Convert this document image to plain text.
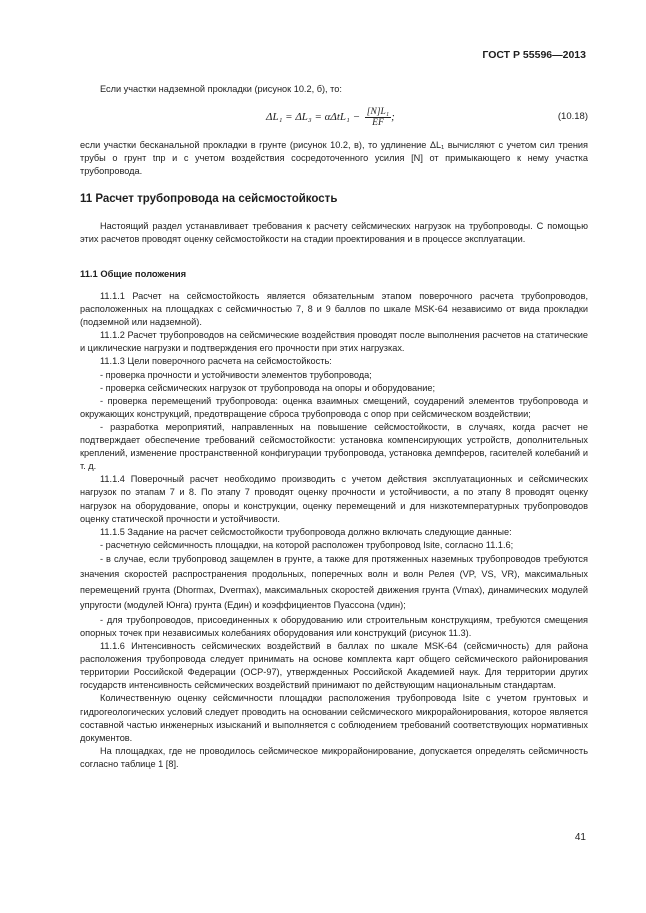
ГОСТ Р 55596—2013

Если участки надземной прокладки (рисунок 10.2, б), то:

$\Delta L_1 = \Delta L_3 = \alpha\Delta tL_1 - \frac{\text{[N]L₁}}{EF}$ ;	(10.18)

если участки бесканальной прокладки в грунте (рисунок 10.2, в), то удлинение ΔL₁ вычисляют с учетом сил трения трубы о грунт tпр и с учетом воздействия сосредоточенного усилия [N] от примыкающего к нему участка трубопровода.

11 Расчет трубопровода на сейсмостойкость

Настоящий раздел устанавливает требования к расчету сейсмических нагрузок на трубопроводы. С помощью этих расчетов проводят оценку сейсмостойкости на стадии проектирования и в процессе эксплуатации.

11.1 Общие положения

11.1.1 Расчет на сейсмостойкость является обязательным этапом поверочного расчета трубопроводов, расположенных на площадках с сейсмичностью 7, 8 и 9 баллов по шкале MSK-64 независимо от вида прокладки (подземной или надземной).

11.1.2 Расчет трубопроводов на сейсмические воздействия проводят после выполнения расчетов на статические и циклические нагрузки и подтверждения его прочности при этих нагрузках.

11.1.3 Цели поверочного расчета на сейсмостойкость:

- проверка прочности и устойчивости элементов трубопровода;

- проверка сейсмических нагрузок от трубопровода на опоры и оборудование;

- проверка перемещений трубопровода: оценка взаимных смещений, соударений элементов трубопровода и окружающих конструкций, предотвращение сброса трубопровода с опор при сейсмическом воздействии;

- разработка мероприятий, направленных на повышение сейсмостойкости, в случаях, когда расчет не подтверждает обеспечение требований сейсмостойкости: установка компенсирующих устройств, дополнительных креплений, изменение пространственной конфигурации трубопровода, установка демпферов, гасителей колебаний и т. д.

11.1.4 Поверочный расчет необходимо производить с учетом действия эксплуатационных и сейсмических нагрузок по этапам 7 и 8. По этапу 7 проводят оценку прочности и устойчивости, а по этапу 8 проводят оценку нагрузок на оборудование, опоры и конструкции, оценку перемещений и для низкотемпературных трубопроводов оценку статической прочности и устойчивости.

11.1.5 Задание на расчет сейсмостойкости трубопровода должно включать следующие данные:

- расчетную сейсмичность площадки, на которой расположен трубопровод Isite, согласно 11.1.6;

- в случае, если трубопровод защемлен в грунте, а также для протяженных наземных трубопроводов требуются значения скоростей распространения продольных, поперечных волн и волн Релея (VP, VS, VR), максимальных перемещений грунта (Dhormax, Dvermax), максимальных скоростей движения грунта (Vmax), динамических модулей упругости (модулей Юнга) грунта (Eдин) и коэффициентов Пуассона (νдин);

- для трубопроводов, присоединенных к оборудованию или строительным конструкциям, требуются смещения опорных точек при независимых колебаниях оборудования или конструкций (рисунок 11.3).

11.1.6 Интенсивность сейсмических воздействий в баллах по шкале MSK-64 (сейсмичность) для района расположения трубопровода следует принимать на основе комплекта карт общего сейсмического районирования территории Российской Федерации (ОСР-97), утвержденных Российской Академией наук. Для территории других государств интенсивность сейсмических воздействий принимают по действующим национальным стандартам.

Количественную оценку сейсмичности площадки расположения трубопровода Isite с учетом грунтовых и гидрогеологических условий следует проводить на основании сейсмического микрорайонирования, которое является составной частью инженерных изысканий и выполняется с соблюдением требований соответствующих нормативных документов.

На площадках, где не проводилось сейсмическое микрорайонирование, допускается определять сейсмичность согласно таблице 1 [8].

41
